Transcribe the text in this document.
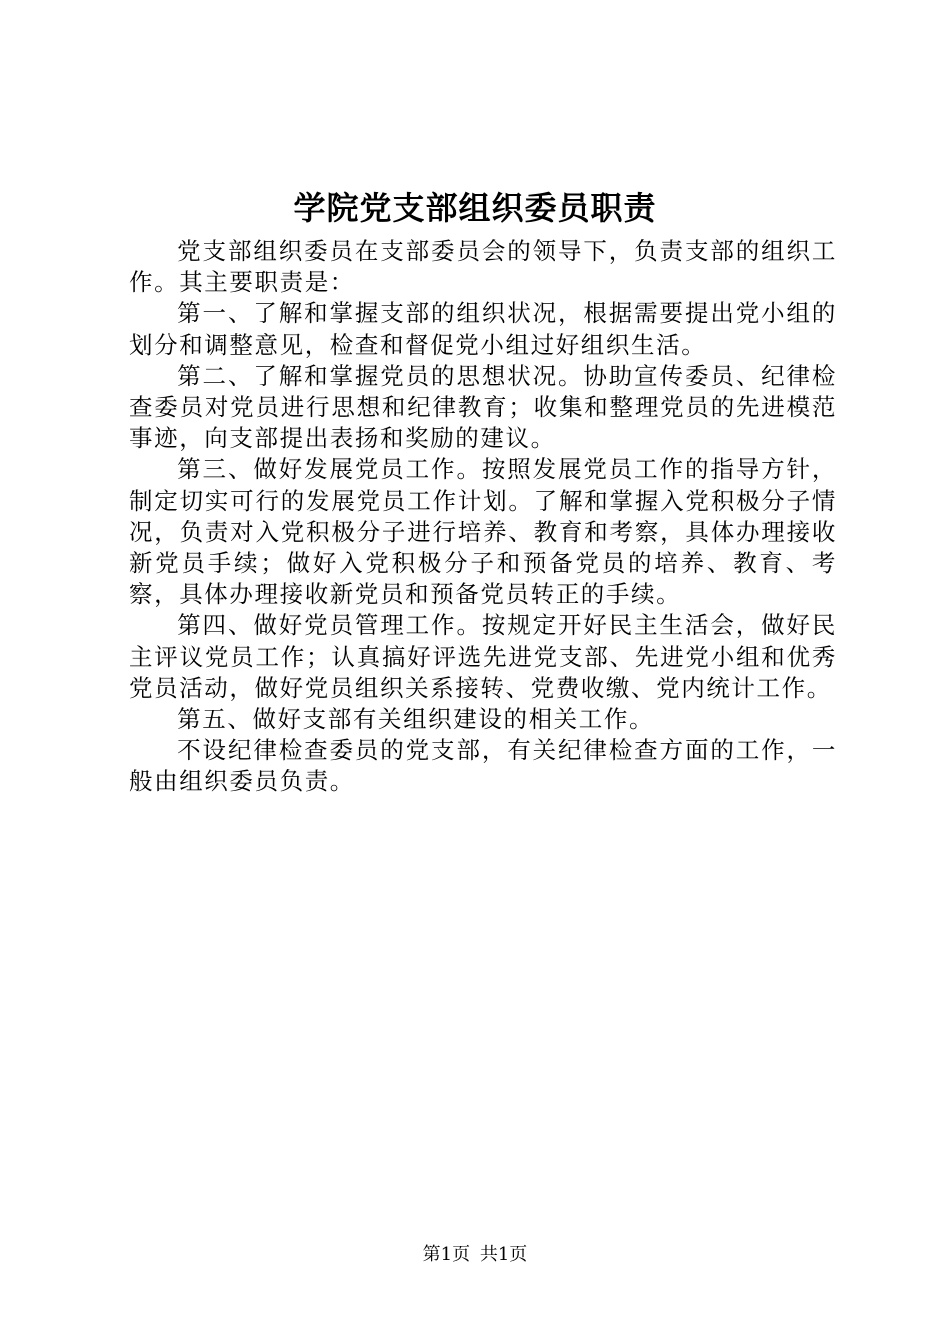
学院党支部组织委员职责

党支部组织委员在支部委员会的领导下，负责支部的组织工作。其主要职责是：

第一、了解和掌握支部的组织状况，根据需要提出党小组的划分和调整意见，检查和督促党小组过好组织生活。

第二、了解和掌握党员的思想状况。协助宣传委员、纪律检查委员对党员进行思想和纪律教育；收集和整理党员的先进模范事迹，向支部提出表扬和奖励的建议。

第三、做好发展党员工作。按照发展党员工作的指导方针，制定切实可行的发展党员工作计划。了解和掌握入党积极分子情况，负责对入党积极分子进行培养、教育和考察，具体办理接收新党员手续；做好入党积极分子和预备党员的培养、教育、考察，具体办理接收新党员和预备党员转正的手续。

第四、做好党员管理工作。按规定开好民主生活会，做好民主评议党员工作；认真搞好评选先进党支部、先进党小组和优秀党员活动，做好党员组织关系接转、党费收缴、党内统计工作。

第五、做好支部有关组织建设的相关工作。

不设纪律检查委员的党支部，有关纪律检查方面的工作，一般由组织委员负责。

第1页 共1页
